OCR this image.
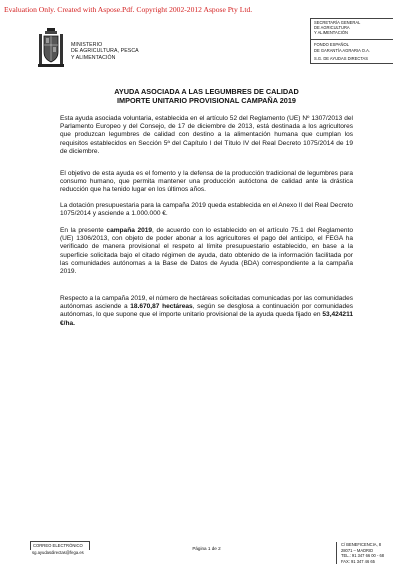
Evaluation Only. Created with Aspose.Pdf. Copyright 2002-2012 Aspose Pty Ltd.
MINISTERIO
DE AGRICULTURA, PESCA
Y ALIMENTACIÓN
SECRETARÍA GENERAL
DE AGRICULTURA
Y ALIMENTACIÓN
FONDO ESPAÑOL
DE GARANTÍA AGRARIA O.A.
S.G. DE AYUDAS DIRECTAS
AYUDA ASOCIADA A LAS LEGUMBRES DE CALIDAD
IMPORTE UNITARIO PROVISIONAL CAMPAÑA 2019
Esta ayuda asociada voluntaria, establecida en el artículo 52 del Reglamento (UE) Nº 1307/2013 del Parlamento Europeo y del Consejo, de 17 de diciembre de 2013, está destinada a los agricultores que produzcan legumbres de calidad con destino a la alimentación humana que cumplan los requisitos establecidos en Sección 5ª del Capítulo I del Título IV del Real Decreto 1075/2014 de 19 de diciembre.
El objetivo de esta ayuda es el fomento y la defensa de la producción tradicional de legumbres para consumo humano, que permita mantener una producción autóctona de calidad ante la drástica reducción que ha tenido lugar en los últimos años.
La dotación presupuestaria para la campaña 2019 queda establecida en el Anexo II del Real Decreto 1075/2014 y asciende a 1.000.000 €.
En la presente campaña 2019, de acuerdo con lo establecido en el artículo 75.1 del Reglamento (UE) 1306/2013, con objeto de poder abonar a los agricultores el pago del anticipo, el FEGA ha verificado de manera provisional el respeto al límite presupuestario establecido, en base a la superficie solicitada bajo el citado régimen de ayuda, dato obtenido de la información facilitada por las comunidades autónomas a la Base de Datos de Ayuda (BDA) correspondiente a la campaña 2019.
Respecto a la campaña 2019, el número de hectáreas solicitadas comunicadas por las comunidades autónomas asciende a 18.670,87 hectáreas, según se desglosa a continuación por comunidades autónomas, lo que supone que el importe unitario provisional de la ayuda queda fijado en 53,424211 €/ha.
CORREO ELECTRÓNICO
sg.ayudasdirectas@fega.es
Página 1 de 2
C/ BENEFICENCIA, 8
28071 – MADRID
TEL.: 91 347 66 00 - 68
FAX: 91 347 46 65
